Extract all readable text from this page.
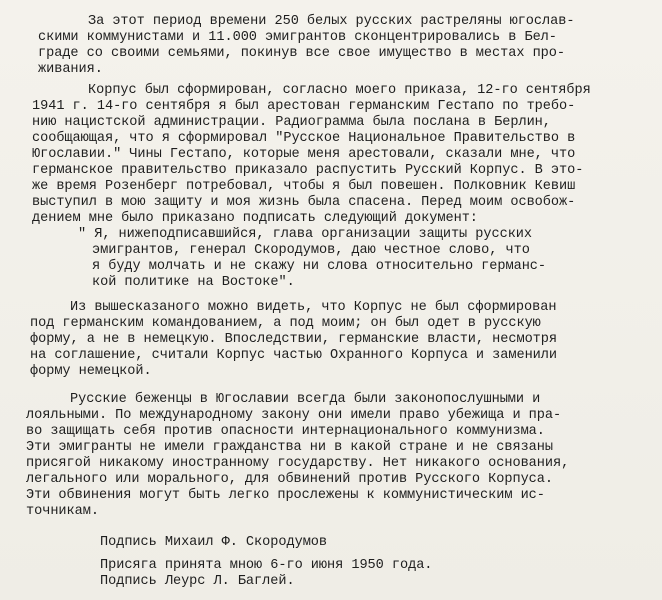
За этот период времени 250 белых русских растреляны югослав-
скими коммунистами и 11.000 эмигрантов сконцентрировались в Бел-
граде со своими семьями, покинув все свое имущество в местах про-
живания.
Корпус был сформирован, согласно моего приказа, 12-го сентября
1941 г. 14-го сентября я был арестован германским Гестапо по требо-
нию нацистской администрации. Радиограмма была послана в Берлин,
сообщающая, что я сформировал "Русское Национальное Правительство в
Югославии." Чины Гестапо, которые меня арестовали, сказали мне, что
германское правительство приказало распустить Русский Корпус. В это-
же время Розенберг потребовал, чтобы я был повешен. Полковник Кевиш
выступил в мою защиту и моя жизнь была спасена. Перед моим освобож-
дением мне было приказано подписать следующий документ:
" Я, нижеподписавшийся, глава организации защиты русских
эмигрантов, генерал Скородумов, даю честное слово, что
я буду молчать и не скажу ни слова относительно германс-
кой политике на Востоке".
Из вышесказаного можно видеть, что Корпус не был сформирован
под германским командованием, а под моим; он был одет в русскую
форму, а не в немецкую. Впоследствии, германские власти, несмотря
на соглашение, считали Корпус частью Охранного Корпуса и заменили
форму немецкой.
Русские беженцы в Югославии всегда были законопослушными и
лояльными. По международному закону они имели право убежища и пра-
во защищать себя против опасности интернационального коммунизма.
Эти эмигранты не имели гражданства ни в какой стране и не связаны
присягой никакому иностранному государству. Нет никакого основания,
легального или морального, для обвинений против Русского Корпуса.
Эти обвинения могут быть легко прослежены к коммунистическим ис-
точникам.
Подпись Михаил Ф. Скородумов
Присяга принята мною 6-го июня 1950 года.
Подпись Леурс Л. Баглей.
